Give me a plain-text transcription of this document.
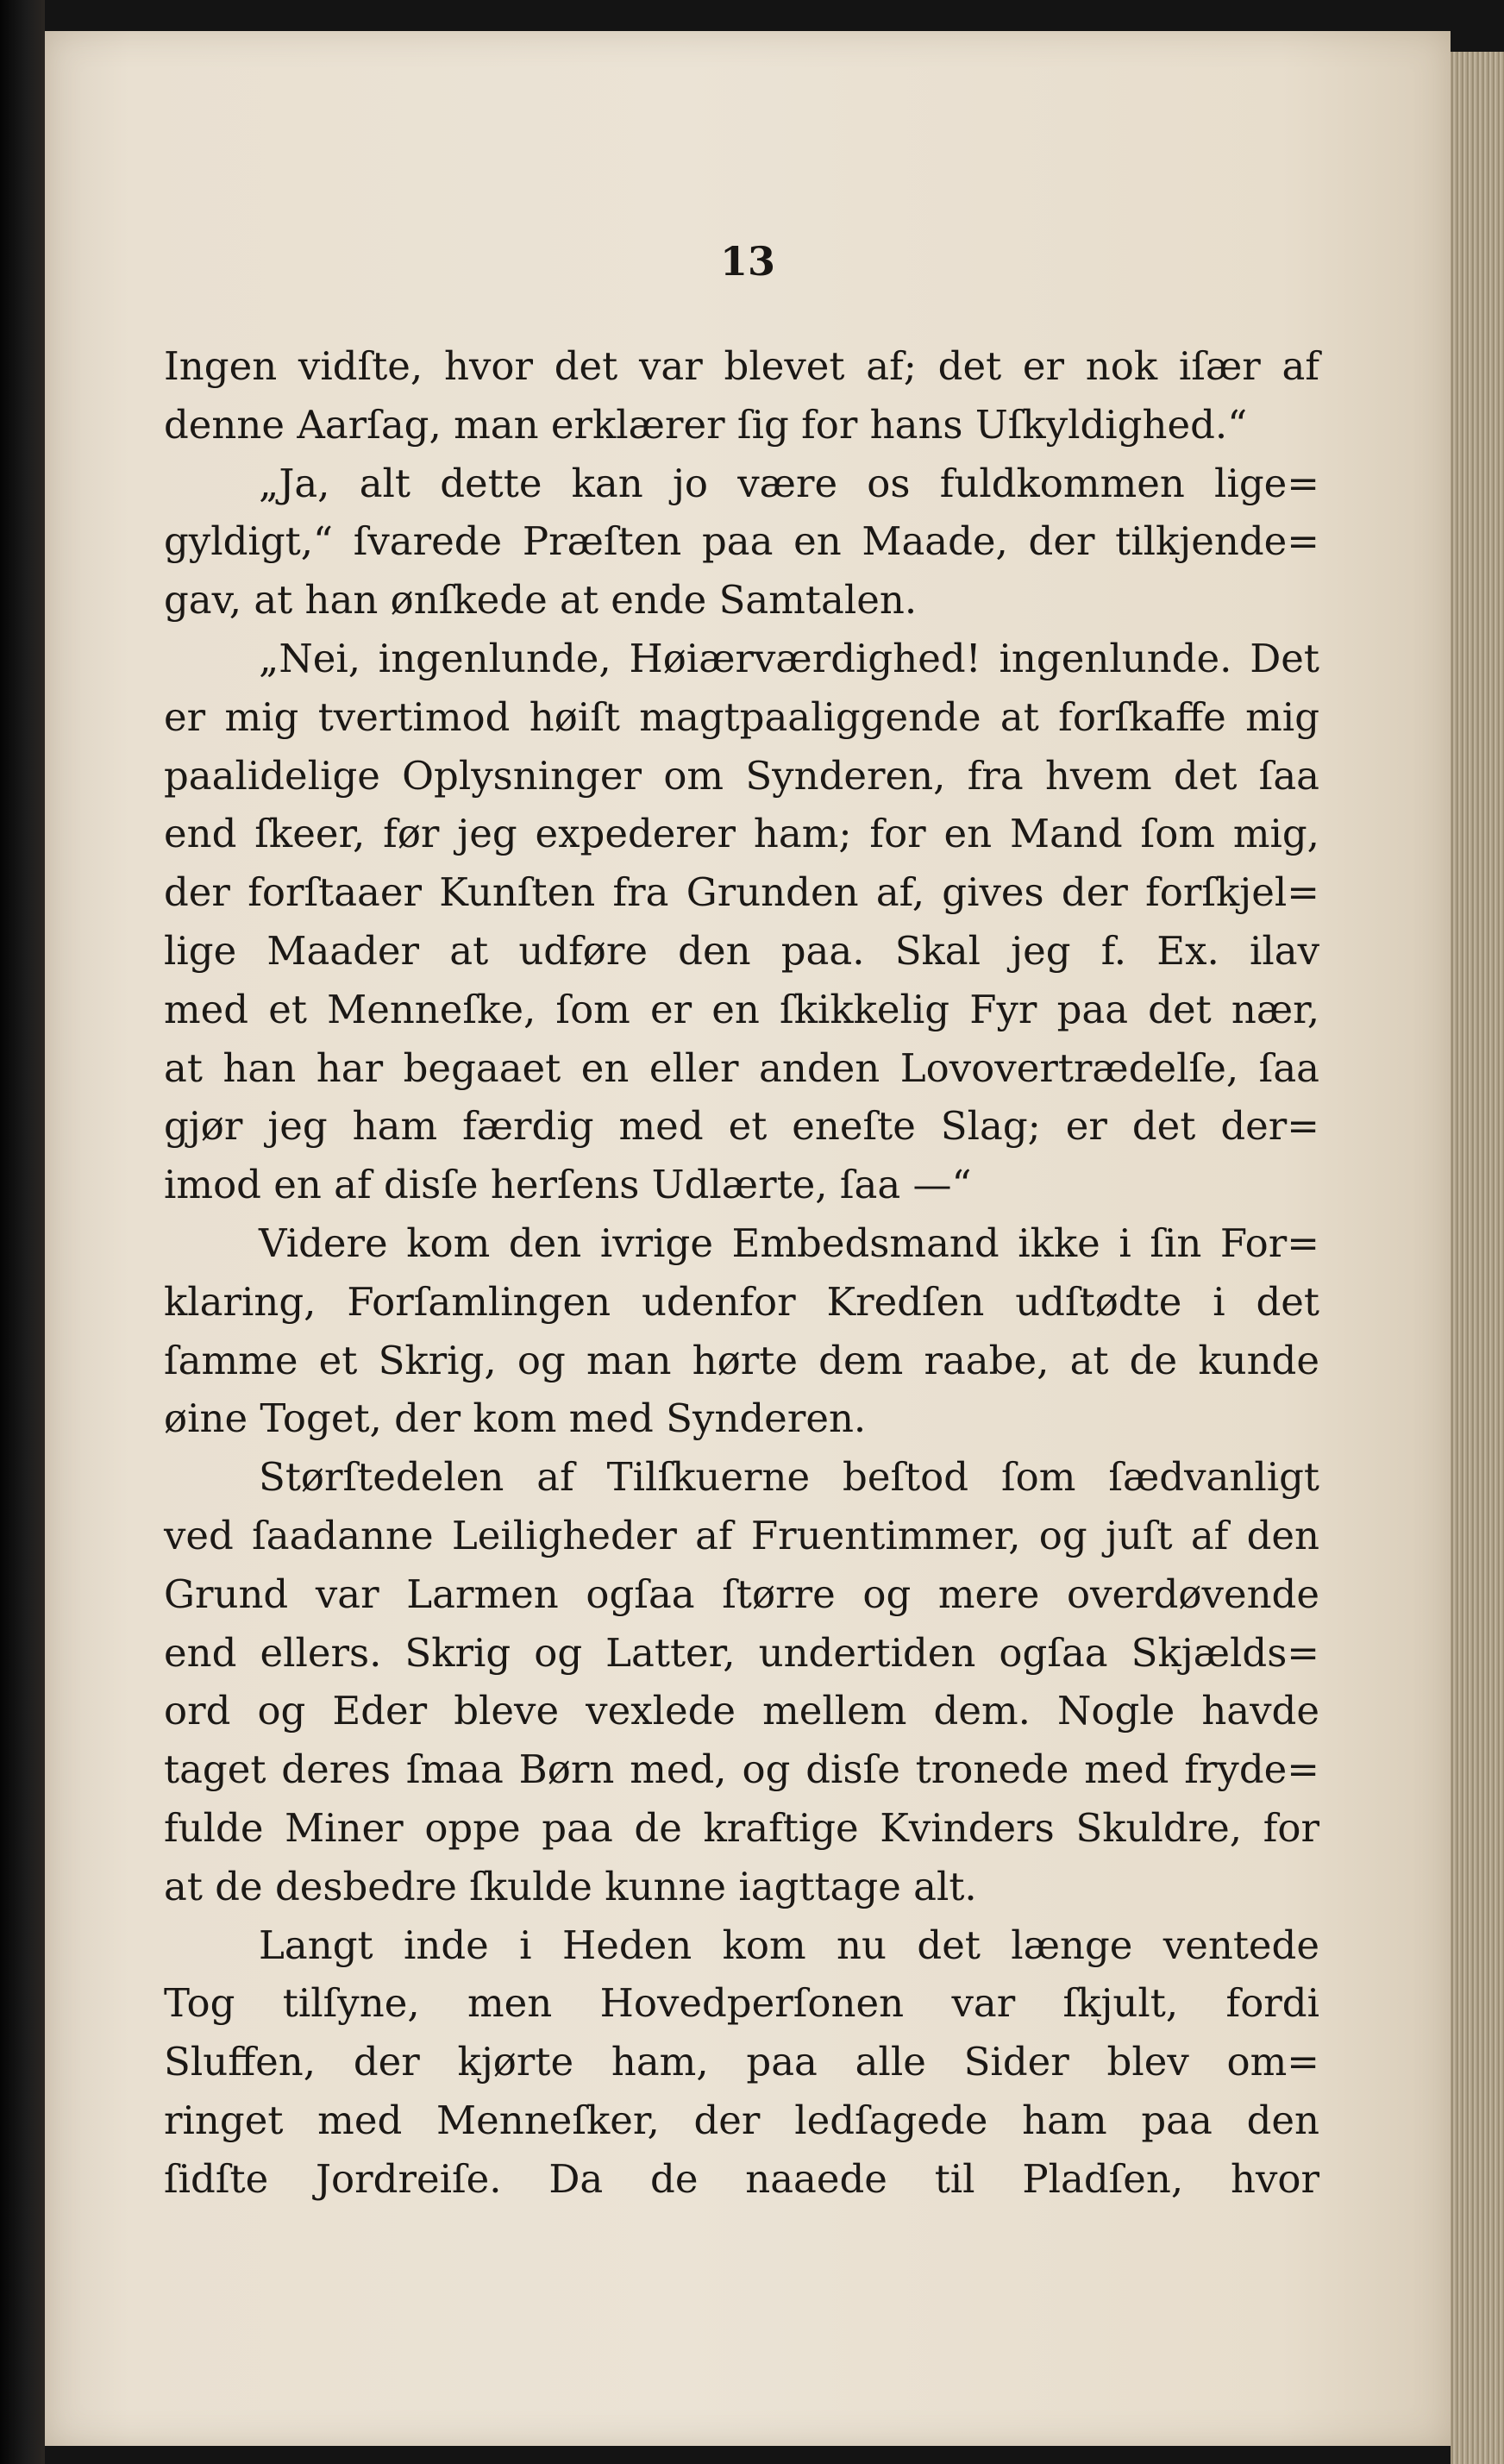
13
Ingen vidſte, hvor det var blevet af; det er nok iſær af
denne Aarſag, man erklærer ſig for hans Uſkyldighed.“
„Ja, alt dette kan jo være os fuldkommen lige=
gyldigt,“ ſvarede Præſten paa en Maade, der tilkjende=
gav, at han ønſkede at ende Samtalen.
„Nei, ingenlunde, Høiærværdighed! ingenlunde. Det
er mig tvertimod høiſt magtpaaliggende at forſkaffe mig
paalidelige Oplysninger om Synderen, fra hvem det ſaa
end ſkeer, før jeg expederer ham; for en Mand ſom mig,
der forſtaaer Kunſten fra Grunden af, gives der forſkjel=
lige Maader at udføre den paa. Skal jeg f. Ex. ilav
med et Menneſke, ſom er en ſkikkelig Fyr paa det nær,
at han har begaaet en eller anden Lovovertrædelſe, ſaa
gjør jeg ham færdig med et eneſte Slag; er det der=
imod en af disſe herſens Udlærte, ſaa —“
Videre kom den ivrige Embedsmand ikke i ſin For=
klaring, Forſamlingen udenfor Kredſen udſtødte i det
ſamme et Skrig, og man hørte dem raabe, at de kunde
øine Toget, der kom med Synderen.
Størſtedelen af Tilſkuerne beſtod ſom ſædvanligt
ved ſaadanne Leiligheder af Fruentimmer, og juſt af den
Grund var Larmen ogſaa ſtørre og mere overdøvende
end ellers. Skrig og Latter, undertiden ogſaa Skjælds=
ord og Eder bleve vexlede mellem dem. Nogle havde
taget deres ſmaa Børn med, og disſe tronede med fryde=
fulde Miner oppe paa de kraftige Kvinders Skuldre, for
at de desbedre ſkulde kunne iagttage alt.
Langt inde i Heden kom nu det længe ventede
Tog tilſyne, men Hovedperſonen var ſkjult, fordi
Sluffen, der kjørte ham, paa alle Sider blev om=
ringet med Menneſker, der ledſagede ham paa den
ſidſte Jordreiſe. Da de naaede til Pladſen, hvor
